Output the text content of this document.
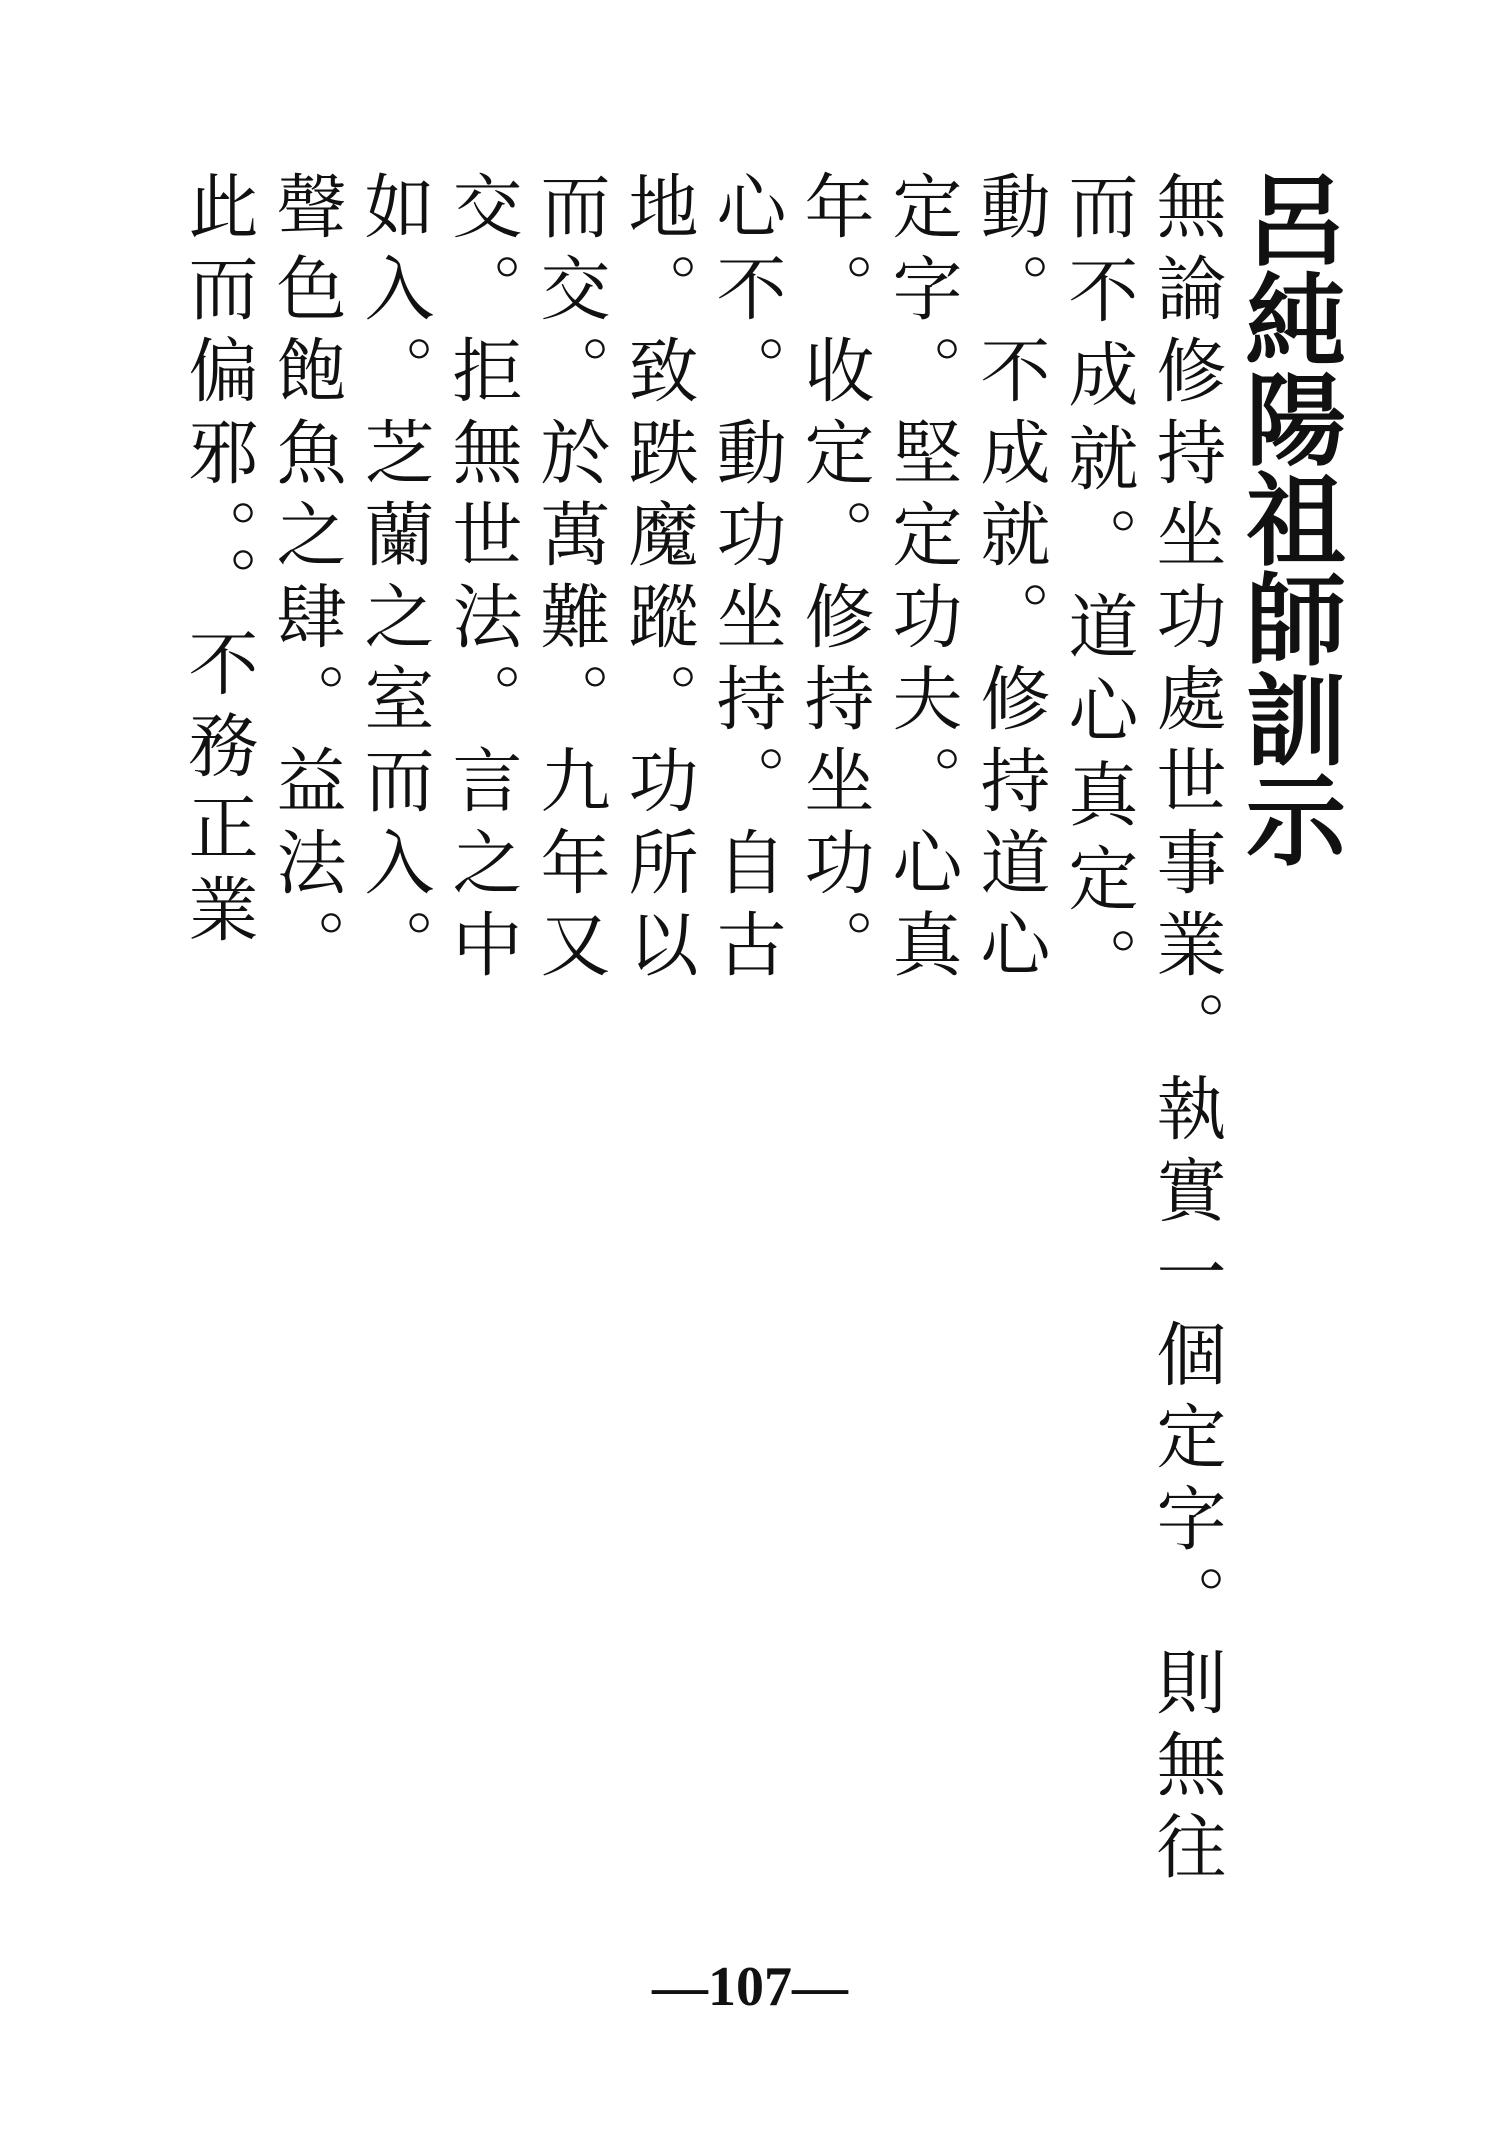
呂純陽祖師訓示
無論修持坐功處世事業。執實一個定字。則無往
而不成就。道心真定。
動。不成就。修持道心
定字。堅定功夫。心真
年。收定。修持坐功。
心不。動功坐持。自古
地。致跌魔蹤。功所以
而交。於萬難。九年又
交。拒無世法。言之中
如入。芝蘭之室而入。
聲色飽魚之肆。益法。
此而偏邪。。不務正業
—107—
